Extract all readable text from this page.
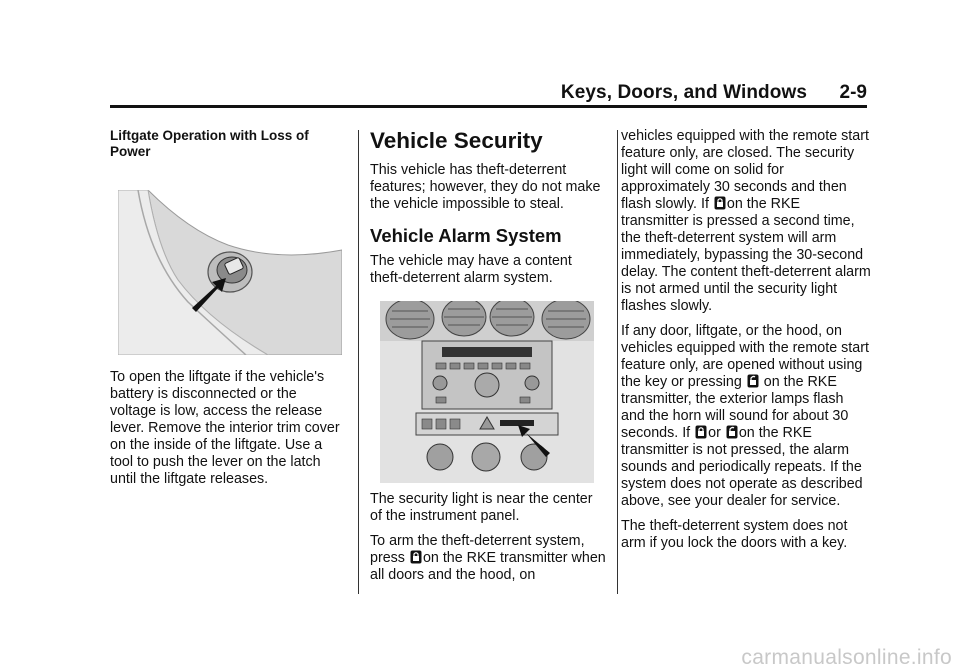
Keys, Doors, and Windows 2-9
Liftgate Operation with Loss of Power

To open the liftgate if the vehicle's battery is disconnected or the voltage is low, access the release lever. Remove the interior trim cover on the inside of the liftgate. Use a tool to push the lever on the latch until the liftgate releases.

Vehicle Security

This vehicle has theft-deterrent features; however, they do not make the vehicle impossible to steal.

Vehicle Alarm System

The vehicle may have a content theft-deterrent alarm system.

The security light is near the center of the instrument panel.

To arm the theft-deterrent system, press on the RKE transmitter when all doors and the hood, on

vehicles equipped with the remote start feature only, are closed. The security light will come on solid for approximately 30 seconds and then flash slowly. If on the RKE transmitter is pressed a second time, the theft-deterrent system will arm immediately, bypassing the 30-second delay. The content theft-deterrent alarm is not armed until the security light flashes slowly.

If any door, liftgate, or the hood, on vehicles equipped with the remote start feature only, are opened without using the key or pressing on the RKE transmitter, the exterior lamps flash and the horn will sound for about 30 seconds. If or on the RKE transmitter is not pressed, the alarm sounds and periodically repeats. If the system does not operate as described above, see your dealer for service.

The theft-deterrent system does not arm if you lock the doors with a key.

carmanualsonline.info
